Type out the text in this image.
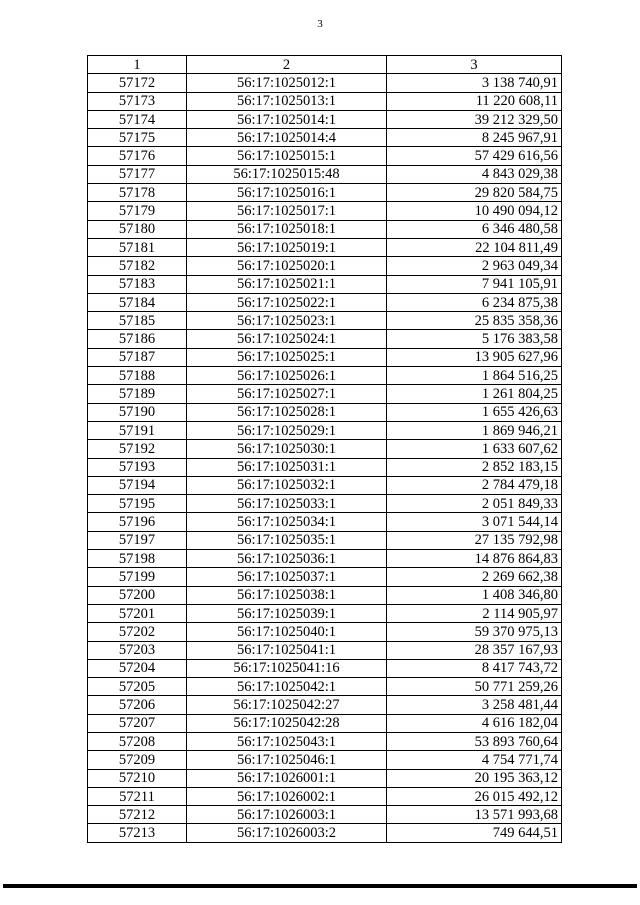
3
1	2	3
57172	56:17:1025012:1	3 138 740,91
57173	56:17:1025013:1	11 220 608,11
57174	56:17:1025014:1	39 212 329,50
57175	56:17:1025014:4	8 245 967,91
57176	56:17:1025015:1	57 429 616,56
57177	56:17:1025015:48	4 843 029,38
57178	56:17:1025016:1	29 820 584,75
57179	56:17:1025017:1	10 490 094,12
57180	56:17:1025018:1	6 346 480,58
57181	56:17:1025019:1	22 104 811,49
57182	56:17:1025020:1	2 963 049,34
57183	56:17:1025021:1	7 941 105,91
57184	56:17:1025022:1	6 234 875,38
57185	56:17:1025023:1	25 835 358,36
57186	56:17:1025024:1	5 176 383,58
57187	56:17:1025025:1	13 905 627,96
57188	56:17:1025026:1	1 864 516,25
57189	56:17:1025027:1	1 261 804,25
57190	56:17:1025028:1	1 655 426,63
57191	56:17:1025029:1	1 869 946,21
57192	56:17:1025030:1	1 633 607,62
57193	56:17:1025031:1	2 852 183,15
57194	56:17:1025032:1	2 784 479,18
57195	56:17:1025033:1	2 051 849,33
57196	56:17:1025034:1	3 071 544,14
57197	56:17:1025035:1	27 135 792,98
57198	56:17:1025036:1	14 876 864,83
57199	56:17:1025037:1	2 269 662,38
57200	56:17:1025038:1	1 408 346,80
57201	56:17:1025039:1	2 114 905,97
57202	56:17:1025040:1	59 370 975,13
57203	56:17:1025041:1	28 357 167,93
57204	56:17:1025041:16	8 417 743,72
57205	56:17:1025042:1	50 771 259,26
57206	56:17:1025042:27	3 258 481,44
57207	56:17:1025042:28	4 616 182,04
57208	56:17:1025043:1	53 893 760,64
57209	56:17:1025046:1	4 754 771,74
57210	56:17:1026001:1	20 195 363,12
57211	56:17:1026002:1	26 015 492,12
57212	56:17:1026003:1	13 571 993,68
57213	56:17:1026003:2	749 644,51
